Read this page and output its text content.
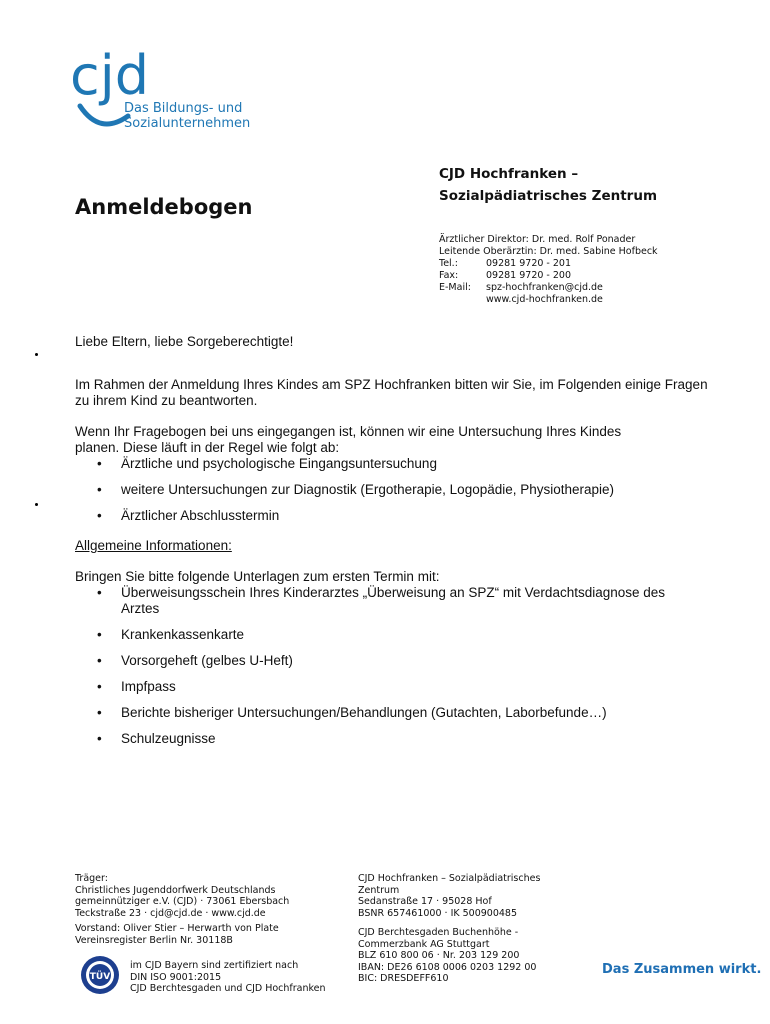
cjd
Das Bildungs- und
Sozialunternehmen
CJD Hochfranken –
Sozialpädiatrisches Zentrum
Anmeldebogen
Ärztlicher Direktor: Dr. med. Rolf Ponader
Leitende Oberärztin: Dr. med. Sabine Hofbeck
Tel.:	09281 9720 - 201
Fax:	09281 9720 - 200
E-Mail:	spz-hochfranken@cjd.de
www.cjd-hochfranken.de
Liebe Eltern, liebe Sorgeberechtigte!
Im Rahmen der Anmeldung Ihres Kindes am SPZ Hochfranken bitten wir Sie, im Folgenden einige Fragen zu ihrem Kind zu beantworten.
Wenn Ihr Fragebogen bei uns eingegangen ist, können wir eine Untersuchung Ihres Kindes
planen. Diese läuft in der Regel wie folgt ab:
• Ärztliche und psychologische Eingangsuntersuchung
• weitere Untersuchungen zur Diagnostik (Ergotherapie, Logopädie, Physiotherapie)
• Ärztlicher Abschlusstermin
Allgemeine Informationen:
Bringen Sie bitte folgende Unterlagen zum ersten Termin mit:
• Überweisungsschein Ihres Kinderarztes „Überweisung an SPZ“ mit Verdachtsdiagnose des Arztes
• Krankenkassenkarte
• Vorsorgeheft (gelbes U-Heft)
• Impfpass
• Berichte bisheriger Untersuchungen/Behandlungen (Gutachten, Laborbefunde…)
• Schulzeugnisse
Träger:
Christliches Jugenddorfwerk Deutschlands
gemeinnütziger e.V. (CJD) · 73061 Ebersbach
Teckstraße 23 · cjd@cjd.de · www.cjd.de
Vorstand: Oliver Stier – Herwarth von Plate
Vereinsregister Berlin Nr. 30118B
TÜV
im CJD Bayern sind zertifiziert nach
DIN ISO 9001:2015
CJD Berchtesgaden und CJD Hochfranken
CJD Hochfranken – Sozialpädiatrisches
Zentrum
Sedanstraße 17 · 95028 Hof
BSNR 657461000 · IK 500900485
CJD Berchtesgaden Buchenhöhe -
Commerzbank AG Stuttgart
BLZ 610 800 06 · Nr. 203 129 200
IBAN: DE26 6108 0006 0203 1292 00
BIC: DRESDEFF610
Das Zusammen wirkt.
